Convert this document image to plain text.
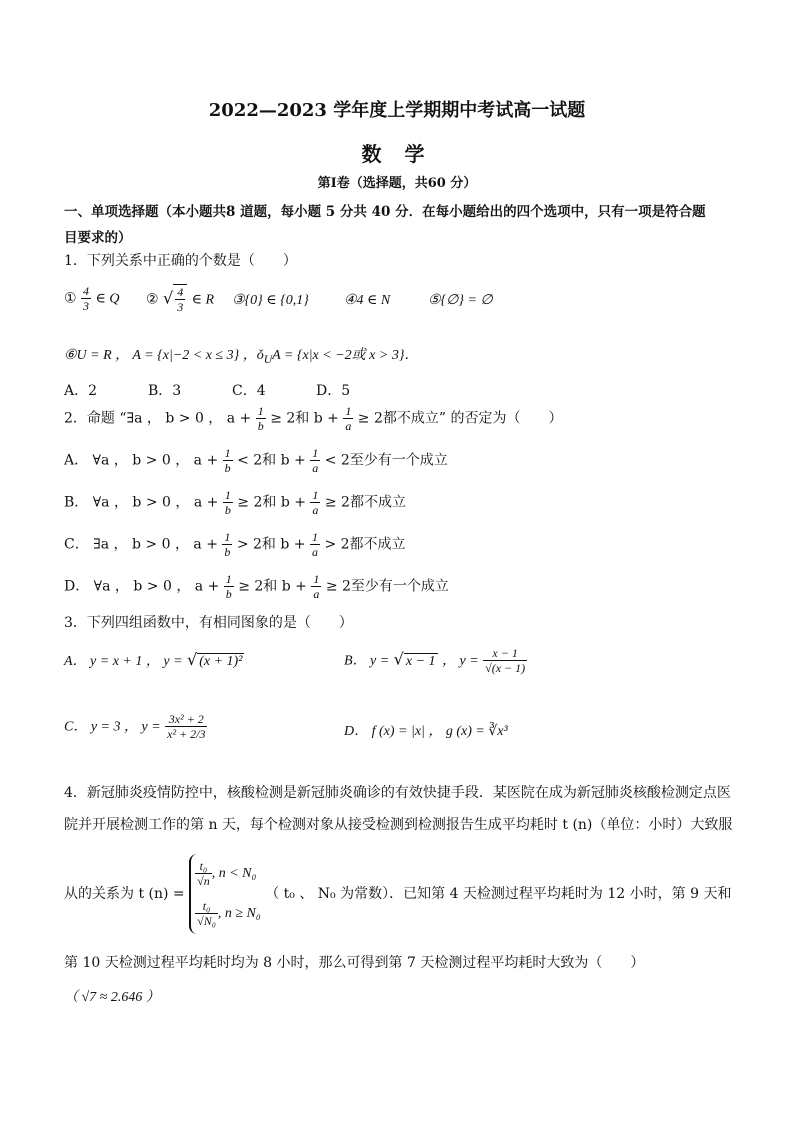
2022—2023 学年度上学期期中考试高一试题
数 学
第Ⅰ卷（选择题，共60 分）
一、单项选择题（本小题共8 道题，每小题 5 分共 40 分．在每小题给出的四个选项中，只有一项是符合题
目要求的）
1．下列关系中正确的个数是（　　）
① $\frac{4}{3}$ ∈ Q ② √ $\frac{4}{3}$ ∈ R ③{0} ∈ {0,1}	④4 ∈ N	⑤{∅} = ∅
⑥U = R ， A = {x|−2 < x ≤ 3} ，$ǒ_UA = \{x|x < -2$或 x > 3}．
A．2	B．3	C．4	D．5
2．命题 “∃a ， b > 0 ， $a + \frac{1}{b} \ge 2$和 $b + \frac{1}{a} \ge 2$都不成立” 的否定为（　　）
A． ∀a ， b > 0 ， $a + \frac{1}{b} < 2$和 $b + \frac{1}{a} < 2$至少有一个成立
B． ∀a ， b > 0 ， $a + \frac{1}{b} \ge 2$和 $b + \frac{1}{a} \ge 2$都不成立
C． ∃a ， b > 0 ， $a + \frac{1}{b} > 2$和 $b + \frac{1}{a} > 2$都不成立
D． ∀a ， b > 0 ， $a + \frac{1}{b} \ge 2$和 $b + \frac{1}{a} \ge 2$至少有一个成立
3．下列四组函数中，有相同图象的是（　　）
A． y = x + 1 ， y = √ (x + 1)²	B． y = √ x − 1 ， $y = \frac{x - 1}{√(x - 1)}$
C． y = 3 ， $y = \frac{\text{3x² + 2}}{\text{x² + 2/3}}$	D． f (x) = |x| ， g (x) = ∛x³
4．新冠肺炎疫情防控中，核酸检测是新冠肺炎确诊的有效快捷手段．某医院在成为新冠肺炎核酸检测定点医
院并开展检测工作的第 n 天，每个检测对象从接受检测到检测报告生成平均耗时 t (n)（单位：小时）大致服
从的关系为 t (n) =
$\frac{\text{t₀}}{√n}$ , n < N₀
$\frac{\text{t₀}}{\text{√N₀}}$ , n ≥ N₀
（ t₀ 、 N₀ 为常数）．已知第 4 天检测过程平均耗时为 12 小时，第 9 天和
第 10 天检测过程平均耗时均为 8 小时，那么可得到第 7 天检测过程平均耗时大致为（　　）
（ √7 ≈ 2.646 ）
